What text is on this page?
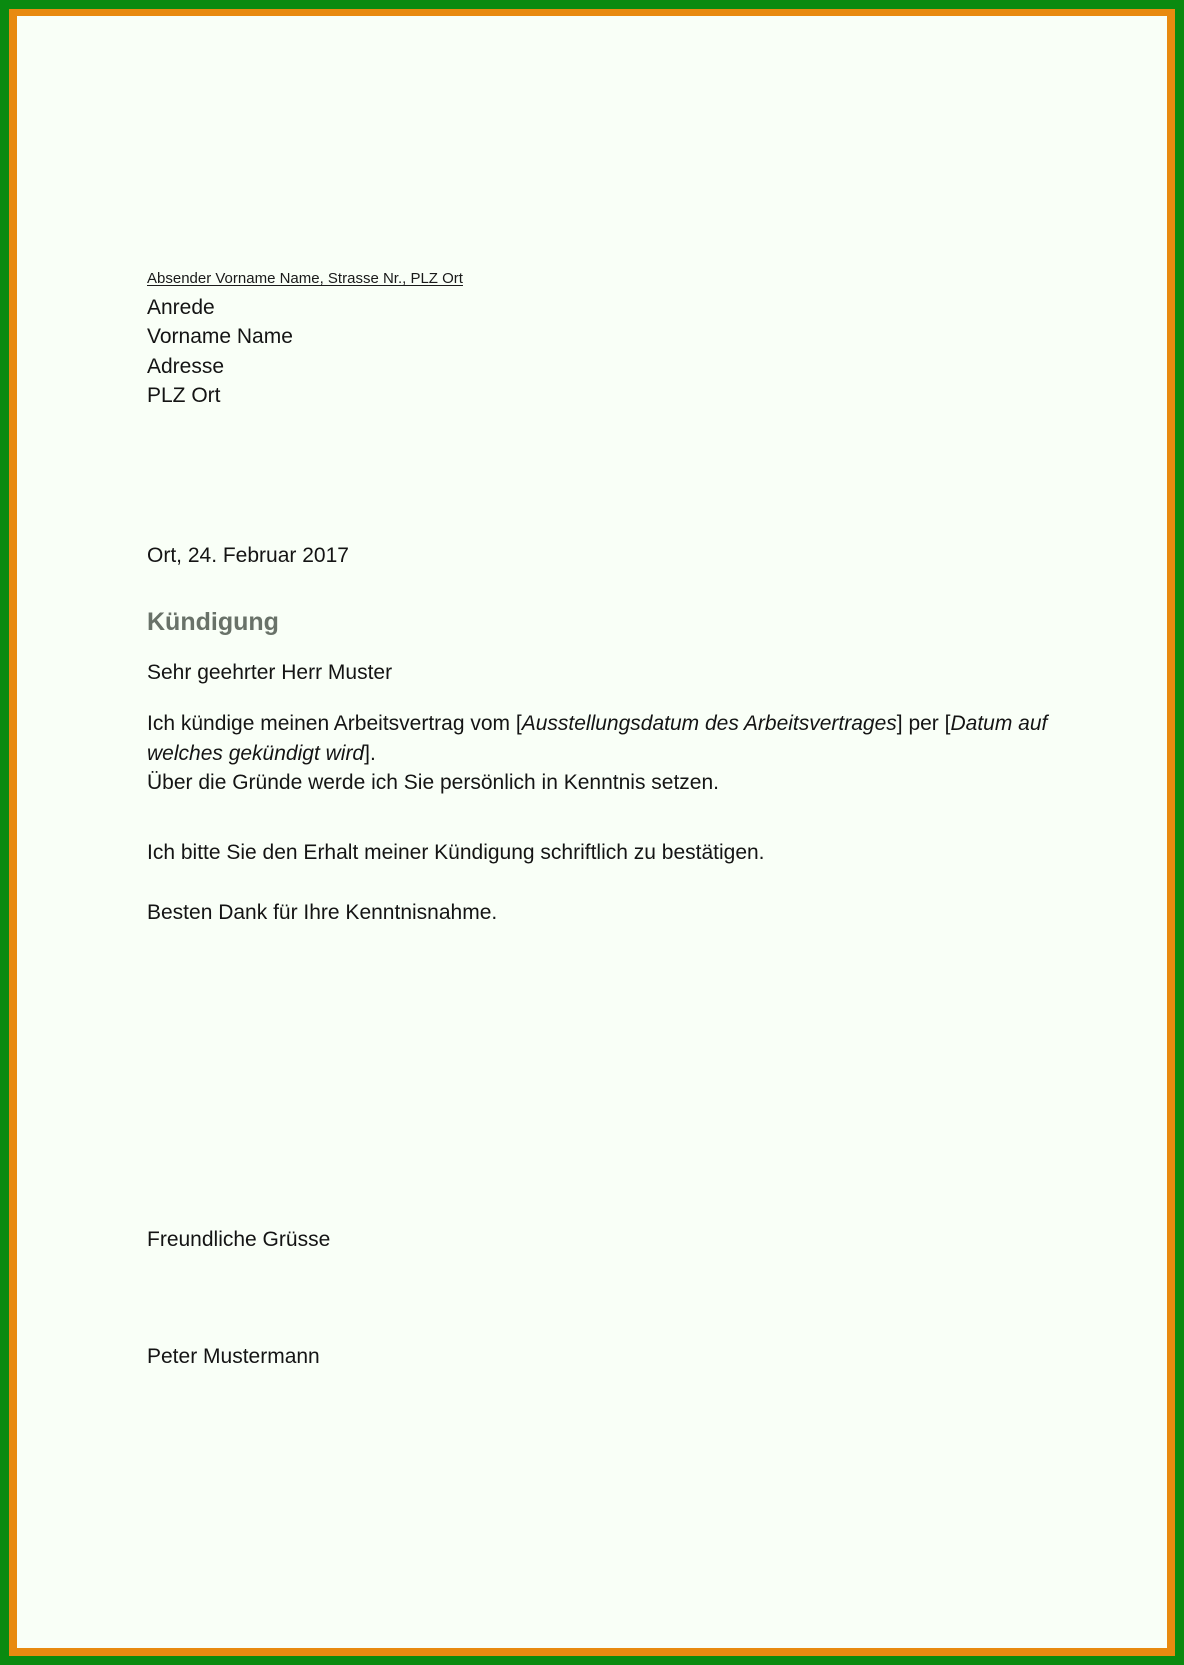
Absender Vorname Name, Strasse Nr., PLZ Ort

Anrede

Vorname Name

Adresse

PLZ Ort

Ort, 24. Februar 2017

Kündigung

Sehr geehrter Herr Muster

Ich kündige meinen Arbeitsvertrag vom [Ausstellungsdatum des Arbeitsvertrages] per [Datum auf welches gekündigt wird].
Über die Gründe werde ich Sie persönlich in Kenntnis setzen.

Ich bitte Sie den Erhalt meiner Kündigung schriftlich zu bestätigen.

Besten Dank für Ihre Kenntnisnahme.

Freundliche Grüsse

Peter Mustermann
